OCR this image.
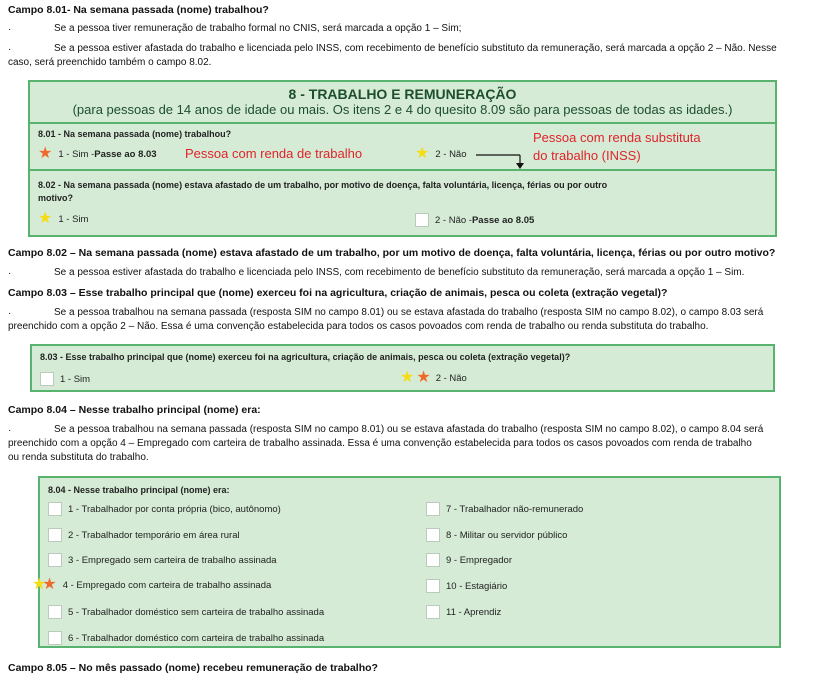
Campo 8.01- Na semana passada (nome) trabalhou?
·	Se a pessoa tiver remuneração de trabalho formal no CNIS, será marcada a opção 1 – Sim;
·	Se a pessoa estiver afastada do trabalho e licenciada pelo INSS, com recebimento de benefício substituto da remuneração, será marcada a opção 2 – Não. Nesse
caso, será preenchido também o campo 8.02.
8 - TRABALHO E REMUNERAÇÃO
(para pessoas de 14 anos de idade ou mais. Os itens 2 e 4 do quesito 8.09 são para pessoas de todas as idades.)
8.01 - Na semana passada (nome) trabalhou?
★ 1 - Sim - Passe ao 8.03 Pessoa com renda de trabalho	★ 2 - Não
Pessoa com renda substituta
do trabalho (INSS)
8.02 - Na semana passada (nome) estava afastado de um trabalho, por motivo de doença, falta voluntária, licença, férias ou por outro
motivo?
★ 1 - Sim	2 - Não - Passe ao 8.05
Campo 8.02 – Na semana passada (nome) estava afastado de um trabalho, por um motivo de doença, falta voluntária, licença, férias ou por outro motivo?
·	Se a pessoa estiver afastada do trabalho e licenciada pelo INSS, com recebimento de benefício substituto da remuneração, será marcada a opção 1 – Sim.
Campo 8.03 – Esse trabalho principal que (nome) exerceu foi na agricultura, criação de animais, pesca ou coleta (extração vegetal)?
·	Se a pessoa trabalhou na semana passada (resposta SIM no campo 8.01) ou se estava afastada do trabalho (resposta SIM no campo 8.02), o campo 8.03 será
preenchido com a opção 2 – Não. Essa é uma convenção estabelecida para todos os casos povoados com renda de trabalho ou renda substituta do trabalho.
8.03 - Esse trabalho principal que (nome) exerceu foi na agricultura, criação de animais, pesca ou coleta (extração vegetal)?
1 - Sim	★ ★ 2 - Não
Campo 8.04 – Nesse trabalho principal (nome) era:
·	Se a pessoa trabalhou na semana passada (resposta SIM no campo 8.01) ou se estava afastada do trabalho (resposta SIM no campo 8.02), o campo 8.04 será
preenchido com a opção 4 – Empregado com carteira de trabalho assinada. Essa é uma convenção estabelecida para todos os casos povoados com renda de trabalho
ou renda substituta do trabalho.
8.04 - Nesse trabalho principal (nome) era:
1 - Trabalhador por conta própria (bico, autônomo)
2 - Trabalhador temporário em área rural
3 - Empregado sem carteira de trabalho assinada
★
★ 4 - Empregado com carteira de trabalho assinada
5 - Trabalhador doméstico sem carteira de trabalho assinada
6 - Trabalhador doméstico com carteira de trabalho assinada
7 - Trabalhador não-remunerado
8 - Militar ou servidor público
9 - Empregador
10 - Estagiário
11 - Aprendiz
Campo 8.05 – No mês passado (nome) recebeu remuneração de trabalho?
